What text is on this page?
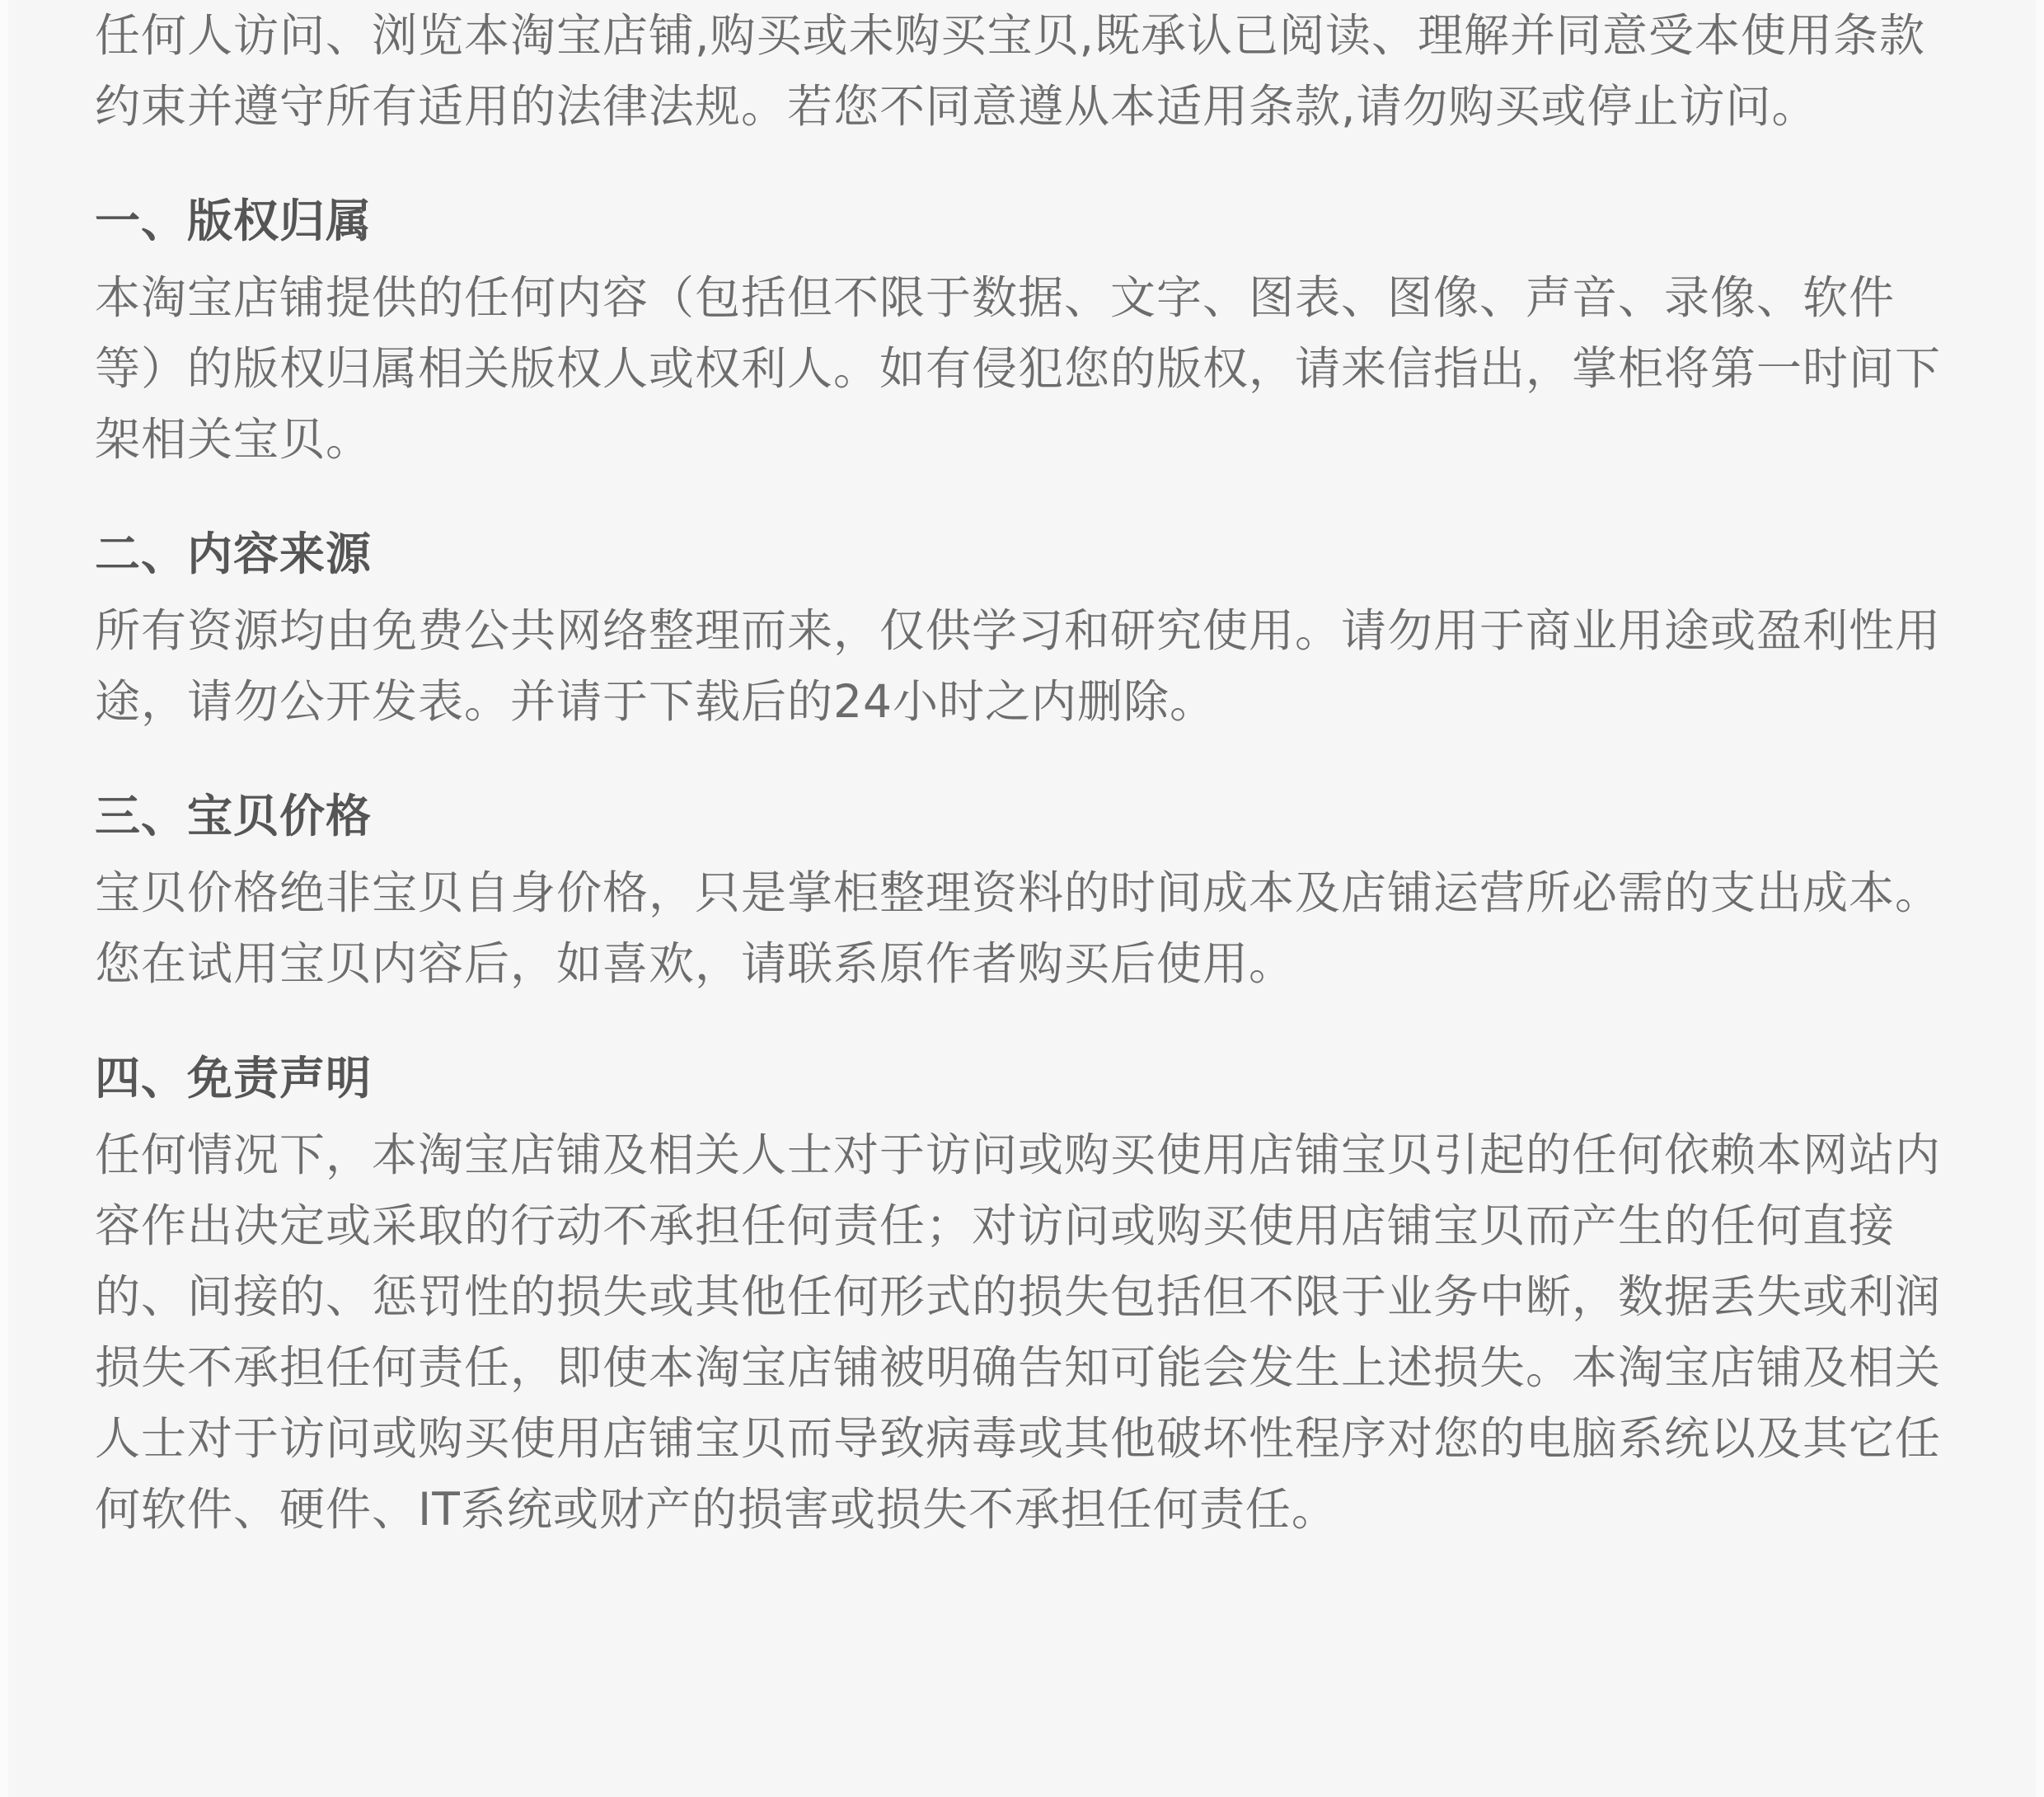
任何人访问、浏览本淘宝店铺,购买或未购买宝贝,既承认已阅读、理解并同意受本使用条款约束并遵守所有适用的法律法规。若您不同意遵从本适用条款,请勿购买或停止访问。

一、版权归属

本淘宝店铺提供的任何内容（包括但不限于数据、文字、图表、图像、声音、录像、软件等）的版权归属相关版权人或权利人。如有侵犯您的版权，请来信指出，掌柜将第一时间下架相关宝贝。

二、内容来源

所有资源均由免费公共网络整理而来，仅供学习和研究使用。请勿用于商业用途或盈利性用途，请勿公开发表。并请于下载后的24小时之内删除。

三、宝贝价格

宝贝价格绝非宝贝自身价格，只是掌柜整理资料的时间成本及店铺运营所必需的支出成本。您在试用宝贝内容后，如喜欢，请联系原作者购买后使用。

四、免责声明

任何情况下，本淘宝店铺及相关人士对于访问或购买使用店铺宝贝引起的任何依赖本网站内容作出决定或采取的行动不承担任何责任；对访问或购买使用店铺宝贝而产生的任何直接的、间接的、惩罚性的损失或其他任何形式的损失包括但不限于业务中断，数据丢失或利润损失不承担任何责任，即使本淘宝店铺被明确告知可能会发生上述损失。本淘宝店铺及相关人士对于访问或购买使用店铺宝贝而导致病毒或其他破坏性程序对您的电脑系统以及其它任何软件、硬件、IT系统或财产的损害或损失不承担任何责任。
